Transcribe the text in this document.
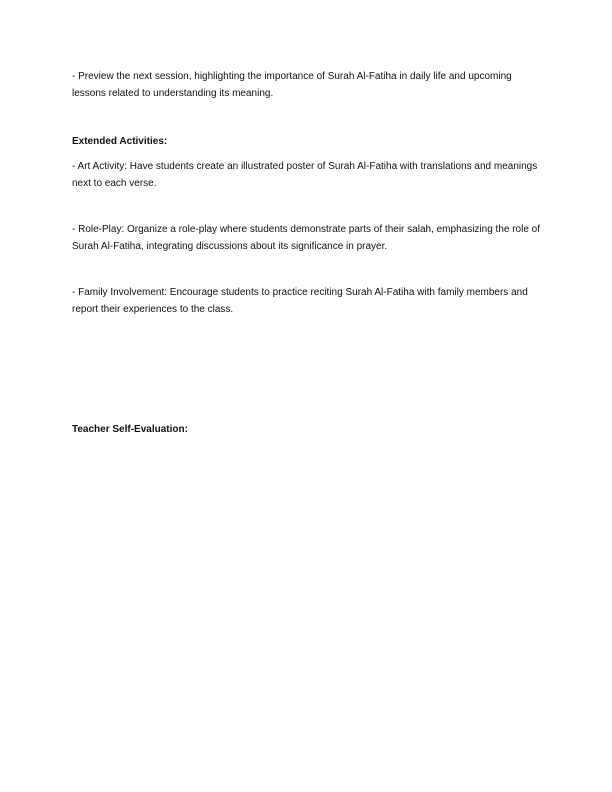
- Preview the next session, highlighting the importance of Surah Al-Fatiha in daily life and upcoming lessons related to understanding its meaning.
Extended Activities:
- Art Activity: Have students create an illustrated poster of Surah Al-Fatiha with translations and meanings next to each verse.
- Role-Play: Organize a role-play where students demonstrate parts of their salah, emphasizing the role of Surah Al-Fatiha, integrating discussions about its significance in prayer.
- Family Involvement: Encourage students to practice reciting Surah Al-Fatiha with family members and report their experiences to the class.
Teacher Self-Evaluation:
